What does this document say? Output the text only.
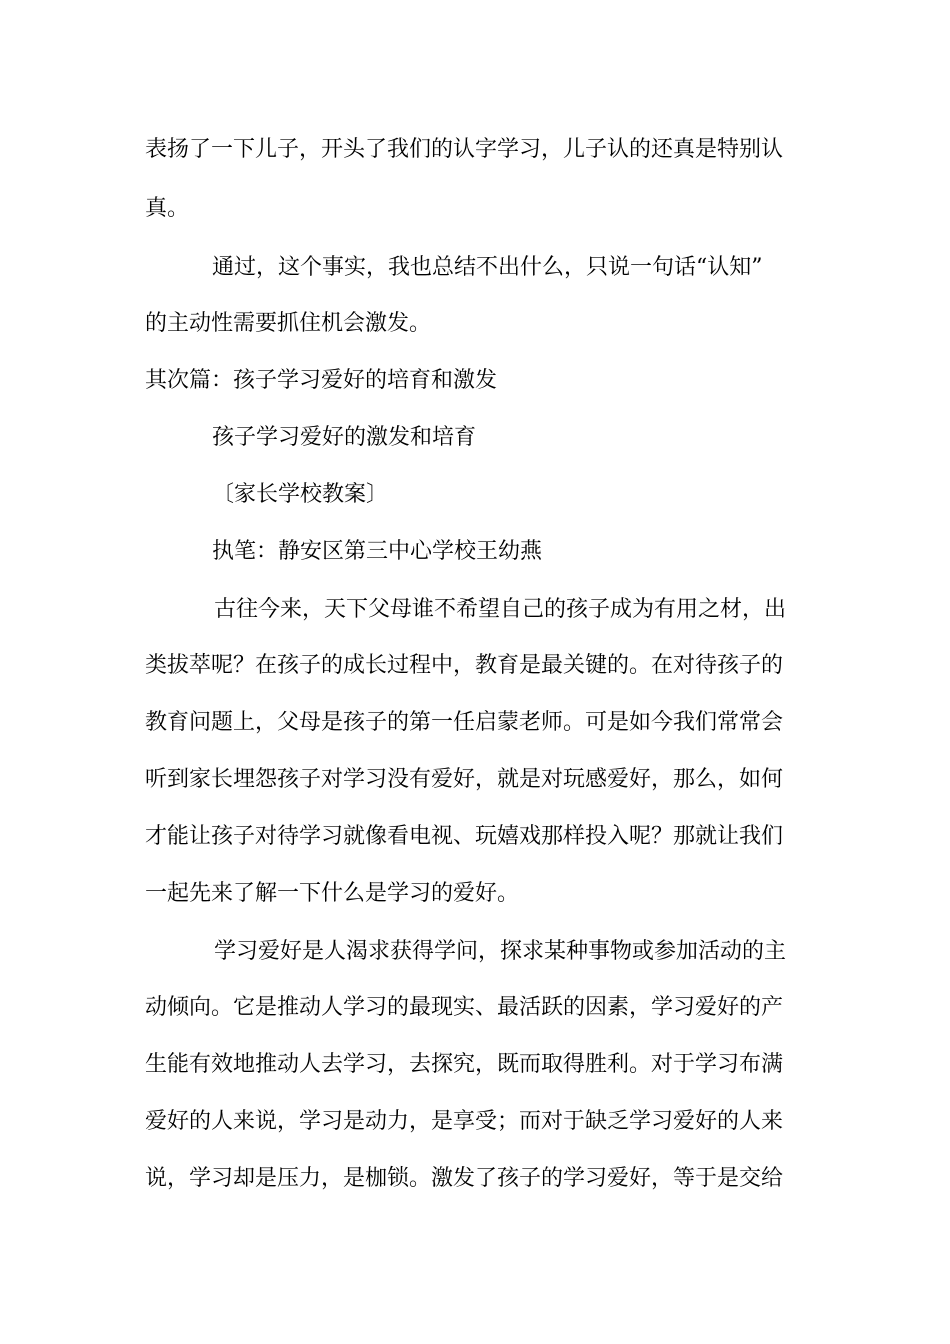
表扬了一下儿子，开头了我们的认字学习，儿子认的还真是特别认
真。
通过，这个事实，我也总结不出什么，只说一句话“认知”
的主动性需要抓住机会激发。
其次篇：孩子学习爱好的培育和激发
孩子学习爱好的激发和培育
〔家长学校教案〕
执笔：静安区第三中心学校王幼燕
古往今来，天下父母谁不希望自己的孩子成为有用之材，出
类拔萃呢？在孩子的成长过程中，教育是最关键的。在对待孩子的
教育问题上，父母是孩子的第一任启蒙老师。可是如今我们常常会
听到家长埋怨孩子对学习没有爱好，就是对玩感爱好，那么，如何
才能让孩子对待学习就像看电视、玩嬉戏那样投入呢？那就让我们
一起先来了解一下什么是学习的爱好。
学习爱好是人渴求获得学问，探求某种事物或参加活动的主
动倾向。它是推动人学习的最现实、最活跃的因素，学习爱好的产
生能有效地推动人去学习，去探究，既而取得胜利。对于学习布满
爱好的人来说，学习是动力，是享受；而对于缺乏学习爱好的人来
说，学习却是压力，是枷锁。激发了孩子的学习爱好，等于是交给
